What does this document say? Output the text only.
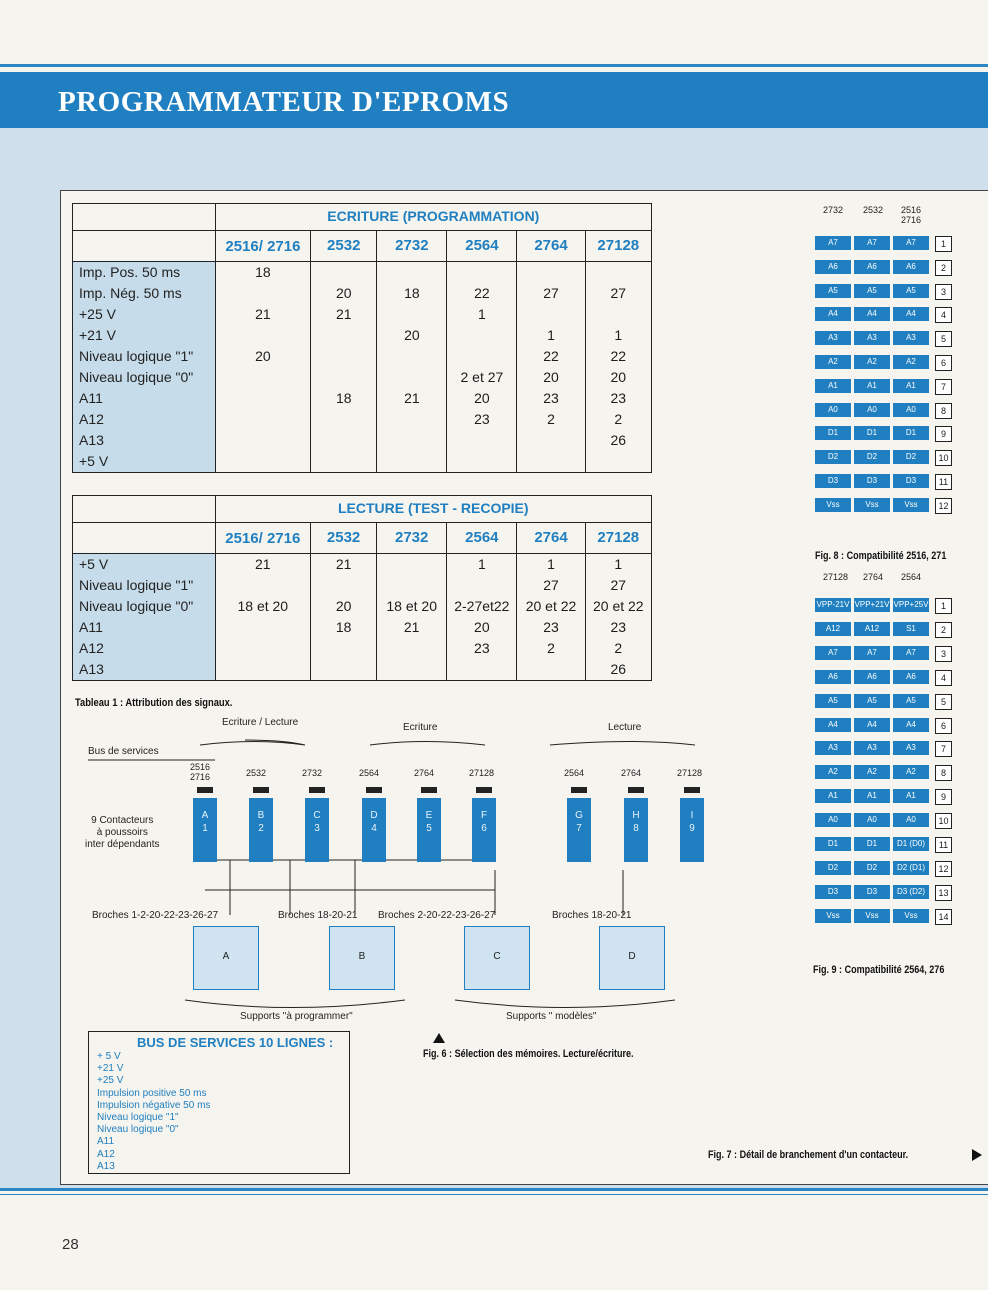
PROGRAMMATEUR D'EPROMS
	ECRITURE (PROGRAMMATION)					
	2516/ 2716	2532	2732	2564	2764	27128
Imp. Pos. 50 ms	18					
Imp. Nég. 50 ms		20	18	22	27	27
+25 V	21	21		1		
+21 V			20		1	1
Niveau logique "1"	20				22	22
Niveau logique "0"				2 et 27	20	20
A11		18	21	20	23	23
A12				23	2	2
A13						26
+5 V						
	LECTURE (TEST - RECOPIE)					
	2516/ 2716	2532	2732	2564	2764	27128
+5 V	21	21		1	1	1
Niveau logique "1"					27	27
Niveau logique "0"	18 et 20	20	18 et 20	2-27et22	20 et 22	20 et 22
A11		18	21	20	23	23
A12				23	2	2
A13						26
Tableau 1 : Attribution des signaux.
Ecriture / Lecture	Ecriture	Lecture
Bus de services
9 Contacteurs
à poussoirs
inter dépendants
2516 2716
A
1
2532
B
2
2732
C
3
2564
D
4
2764
E
5
27128
F
6
2564
G
7
2764
H
8
27128
I
9
Broches 1-2-20-22-23-26-27	Broches 18-20-21 Broches 2-20-22-23-26-27	Broches 18-20-21
A	B	C	D
Supports "à programmer"	Supports " modèles"
Fig. 6 : Sélection des mémoires. Lecture/écriture.
BUS DE SERVICES 10 LIGNES :
+ 5 V
+21 V
+25 V
Impulsion positive 50 ms
Impulsion négative 50 ms
Niveau logique "1"
Niveau logique "0"
A11
A12
A13
Fig. 7 : Détail de branchement d'un contacteur.
2732	2532	2516 2716
A7	A7	A7	1
A6	A6	A6	2
A5	A5	A5	3
A4	A4	A4	4
A3	A3	A3	5
A2	A2	A2	6
A1	A1	A1	7
A0	A0	A0	8
D1	D1	D1	9
D2	D2	D2	10
D3	D3	D3	11
Vss	Vss	Vss	12
Fig. 8 : Compatibilité 2516, 271
27128	2764	2564
VPP-21V VPP+21V VPP+25V	1
A12	A12	S1	2
A7	A7	A7	3
A6	A6	A6	4
A5	A5	A5	5
A4	A4	A4	6
A3	A3	A3	7
A2	A2	A2	8
A1	A1	A1	9
A0	A0	A0	10
D1	D1	D1 (D0)	11
D2	D2	D2 (D1)	12
D3	D3	D3 (D2)	13
Vss	Vss	Vss	14
Fig. 9 : Compatibilité 2564, 276
28
